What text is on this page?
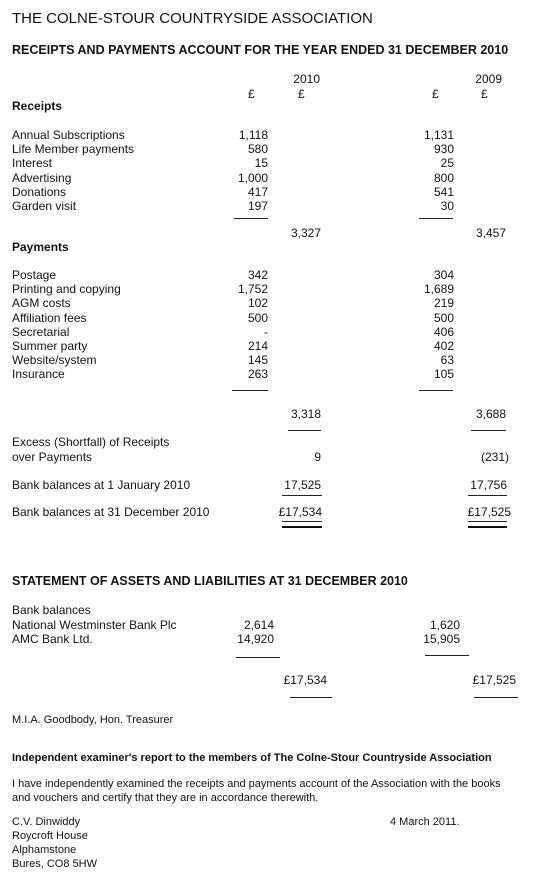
THE COLNE-STOUR COUNTRYSIDE ASSOCIATION
RECEIPTS AND PAYMENTS ACCOUNT FOR THE YEAR ENDED 31 DECEMBER 2010
2010	2009
£	£	£	£
Receipts
Annual Subscriptions	1,118	1,131
Life Member payments	580	930
Interest	15	25
Advertising	1,000	800
Donations	417	541
Garden visit	197	30
3,327	3,457
Payments
Postage	342	304
Printing and copying	1,752	1,689
AGM costs	102	219
Affiliation fees	500	500
Secretarial	-	406
Summer party	214	402
Website/system	145	63
Insurance	263	105
3,318	3,688
Excess (Shortfall) of Receipts
over Payments	9	(231)
Bank balances at 1 January 2010	17,525	17,756
Bank balances at 31 December 2010	£17,534	£17,525
STATEMENT OF ASSETS AND LIABILITIES AT 31 DECEMBER 2010
Bank balances
National Westminster Bank Plc	2,614	1,620
AMC Bank Ltd.	14,920	15,905
£17,534	£17,525
M.I.A. Goodbody, Hon. Treasurer
Independent examiner's report to the members of The Colne-Stour Countryside Association
I have independently examined the receipts and payments account of the Association with the books
and vouchers and certify that they are in accordance therewith.
C.V. Dinwiddy
Roycroft House
Alphamstone
Bures, CO8 5HW
4 March 2011.
